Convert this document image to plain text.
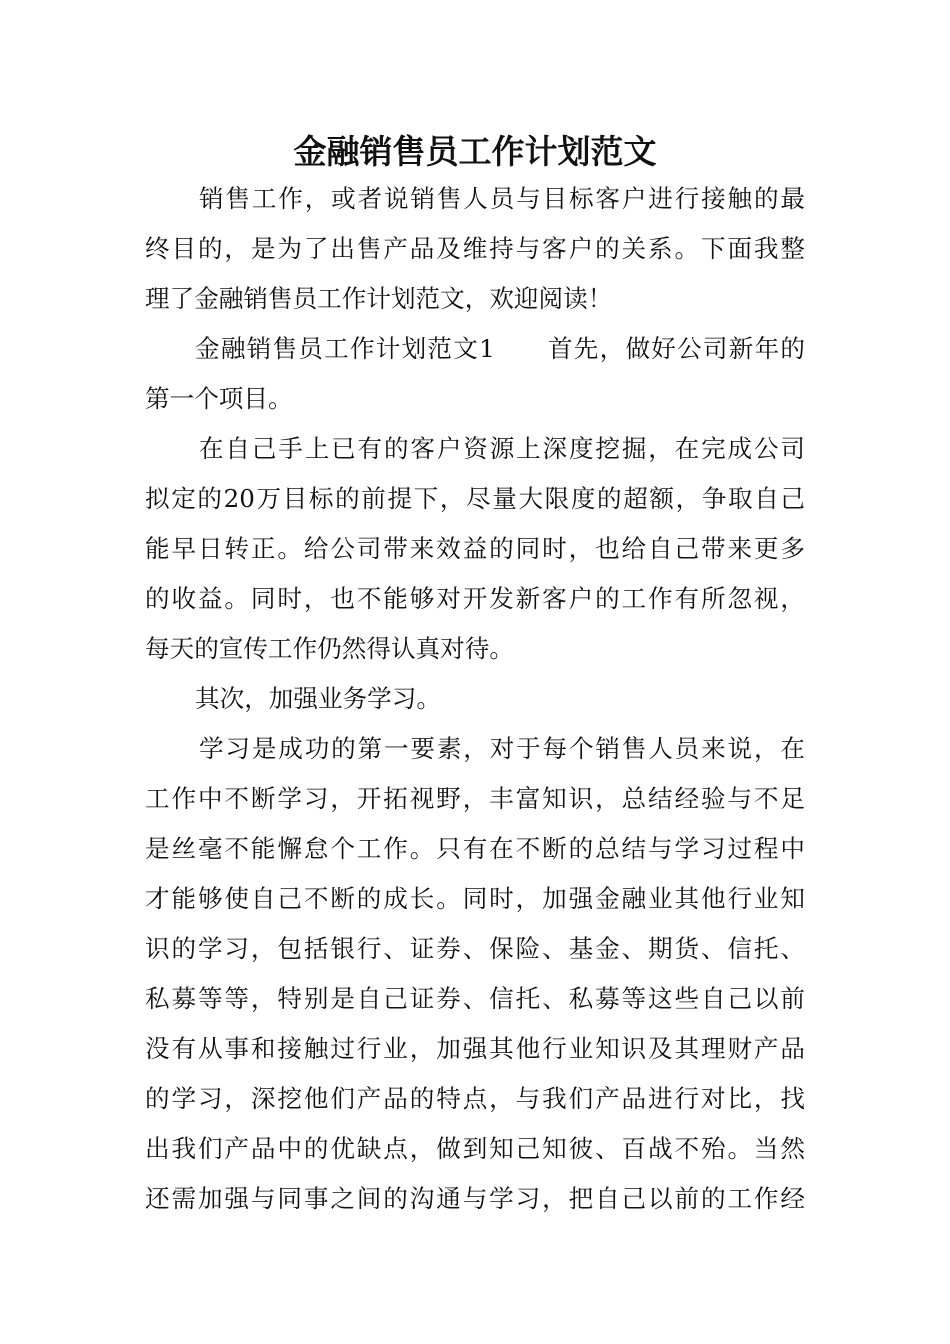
金融销售员工作计划范文
销售工作，或者说销售人员与目标客户进行接触的最
终目的，是为了出售产品及维持与客户的关系。下面我整
理了金融销售员工作计划范文，欢迎阅读！
金融销售员工作计划范文1 首先，做好公司新年的
第一个项目。
在自己手上已有的客户资源上深度挖掘，在完成公司
拟定的20万目标的前提下，尽量大限度的超额，争取自己
能早日转正。给公司带来效益的同时，也给自己带来更多
的收益。同时，也不能够对开发新客户的工作有所忽视，
每天的宣传工作仍然得认真对待。
其次，加强业务学习。
学习是成功的第一要素，对于每个销售人员来说，在
工作中不断学习，开拓视野，丰富知识，总结经验与不足
是丝毫不能懈怠个工作。只有在不断的总结与学习过程中
才能够使自己不断的成长。同时，加强金融业其他行业知
识的学习，包括银行、证券、保险、基金、期货、信托、
私募等等，特别是自己证券、信托、私募等这些自己以前
没有从事和接触过行业，加强其他行业知识及其理财产品
的学习，深挖他们产品的特点，与我们产品进行对比，找
出我们产品中的优缺点，做到知己知彼、百战不殆。当然
还需加强与同事之间的沟通与学习，把自己以前的工作经
